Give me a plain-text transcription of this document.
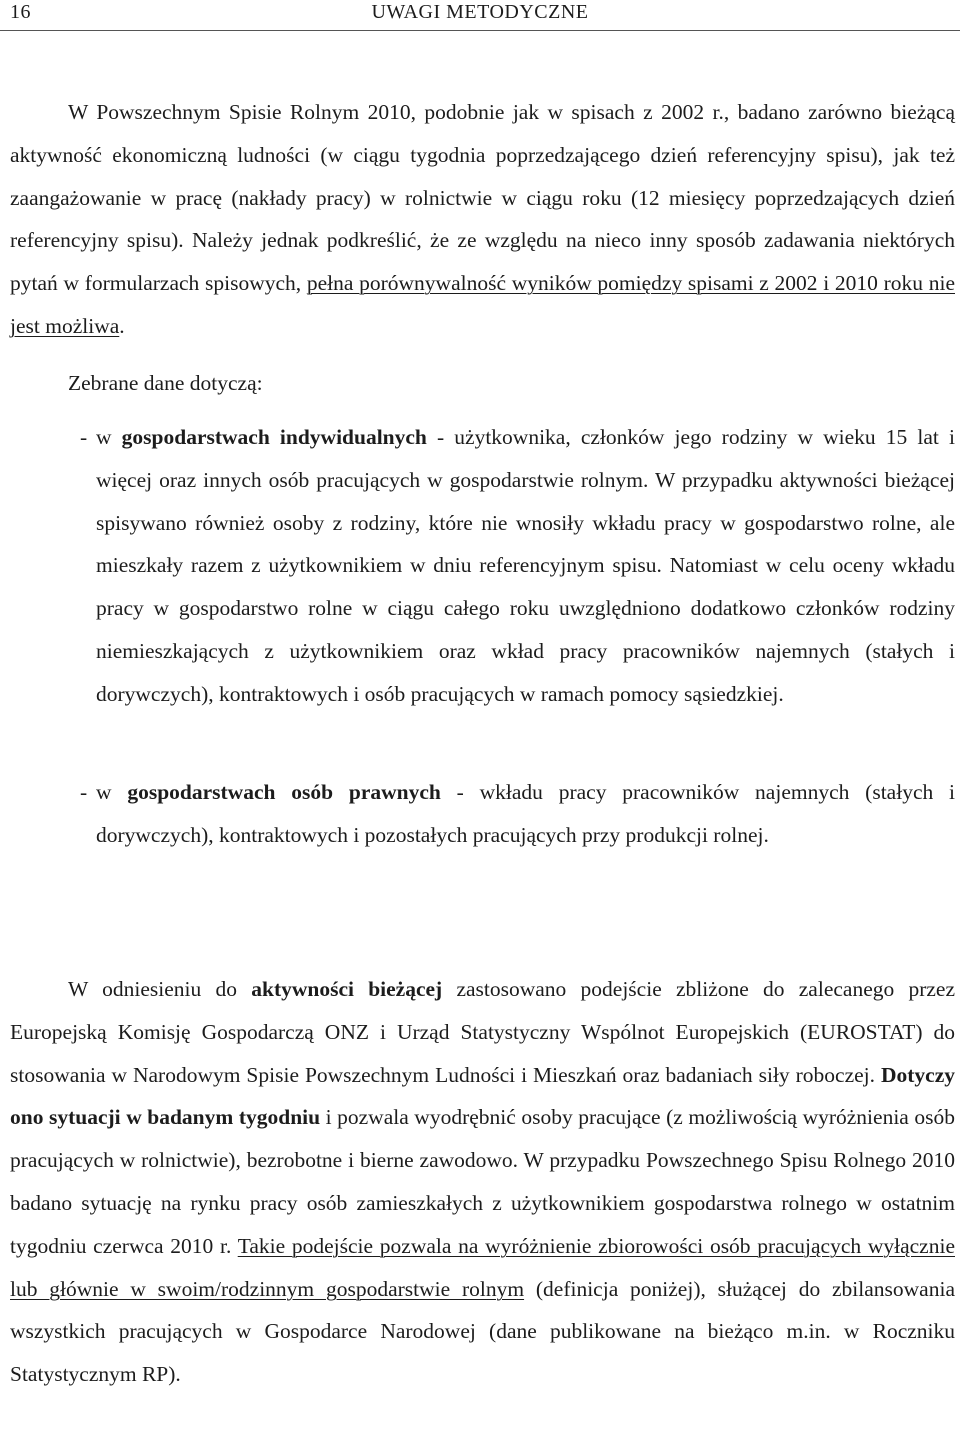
16	UWAGI METODYCZNE

W Powszechnym Spisie Rolnym 2010, podobnie jak w spisach z 2002 r., badano zarówno bieżącą aktywność ekonomiczną ludności (w ciągu tygodnia poprzedzającego dzień referencyjny spisu), jak też zaangażowanie w pracę (nakłady pracy) w rolnictwie w ciągu roku (12 miesięcy poprzedzających dzień referencyjny spisu). Należy jednak podkreślić, że ze względu na nieco inny sposób zadawania niektórych pytań w formularzach spisowych, pełna porównywalność wyników pomiędzy spisami z 2002 i 2010 roku nie jest możliwa.

Zebrane dane dotyczą:

- w gospodarstwach indywidualnych - użytkownika, członków jego rodziny w wieku 15 lat i więcej oraz innych osób pracujących w gospodarstwie rolnym. W przypadku aktywności bieżącej spisywano również osoby z rodziny, które nie wnosiły wkładu pracy w gospodarstwo rolne, ale mieszkały razem z użytkownikiem w dniu referencyjnym spisu. Natomiast w celu oceny wkładu pracy w gospodarstwo rolne w ciągu całego roku uwzględniono dodatkowo członków rodziny niemieszkających z użytkownikiem oraz wkład pracy pracowników najemnych (stałych i dorywczych), kontraktowych i osób pracujących w ramach pomocy sąsiedzkiej.

- w gospodarstwach osób prawnych - wkładu pracy pracowników najemnych (stałych i dorywczych), kontraktowych i pozostałych pracujących przy produkcji rolnej.

W odniesieniu do aktywności bieżącej zastosowano podejście zbliżone do zalecanego przez Europejską Komisję Gospodarczą ONZ i Urząd Statystyczny Wspólnot Europejskich (EUROSTAT) do stosowania w Narodowym Spisie Powszechnym Ludności i Mieszkań oraz badaniach siły roboczej. Dotyczy ono sytuacji w badanym tygodniu i pozwala wyodrębnić osoby pracujące (z możliwością wyróżnienia osób pracujących w rolnictwie), bezrobotne i bierne zawodowo. W przypadku Powszechnego Spisu Rolnego 2010 badano sytuację na rynku pracy osób zamieszkałych z użytkownikiem gospodarstwa rolnego w ostatnim tygodniu czerwca 2010 r. Takie podejście pozwala na wyróżnienie zbiorowości osób pracujących wyłącznie lub głównie w swoim/rodzinnym gospodarstwie rolnym (definicja poniżej), służącej do zbilansowania wszystkich pracujących w Gospodarce Narodowej (dane publikowane na bieżąco m.in. w Roczniku Statystycznym RP).
